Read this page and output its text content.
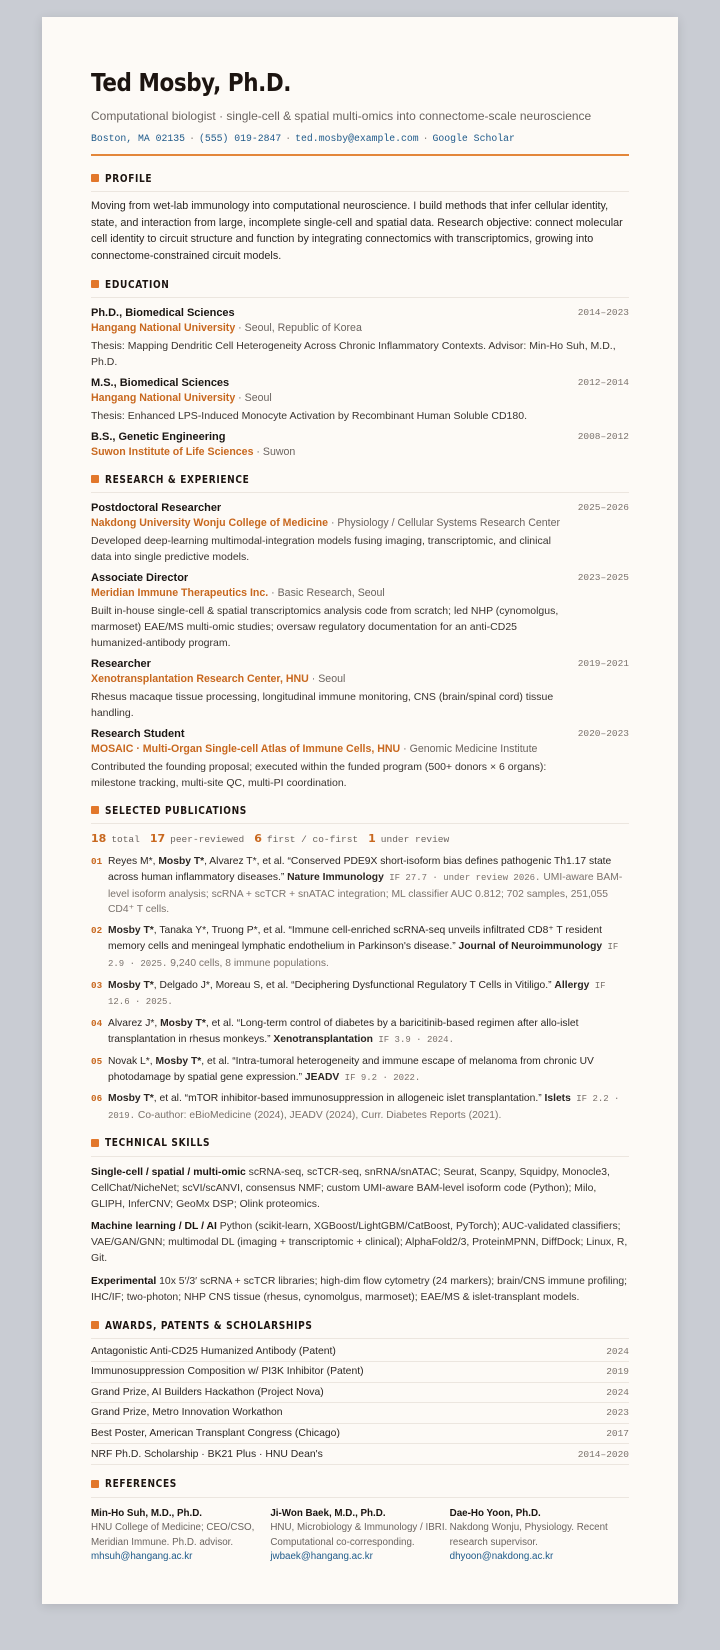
Ted Mosby, Ph.D.
Computational biologist · single-cell & spatial multi-omics into connectome-scale neuroscience
Boston, MA 02135 · (555) 019-2847 · ted.mosby@example.com · Google Scholar
PROFILE
Moving from wet-lab immunology into computational neuroscience. I build methods that infer cellular identity, state, and interaction from large, incomplete single-cell and spatial data. Research objective: connect molecular cell identity to circuit structure and function by integrating connectomics with transcriptomics, growing into connectome-constrained circuit models.
EDUCATION
Ph.D., Biomedical Sciences	2014–2023
Hangang National University · Seoul, Republic of Korea
Thesis: Mapping Dendritic Cell Heterogeneity Across Chronic Inflammatory Contexts. Advisor: Min-Ho Suh, M.D., Ph.D.
M.S., Biomedical Sciences	2012–2014
Hangang National University · Seoul
Thesis: Enhanced LPS-Induced Monocyte Activation by Recombinant Human Soluble CD180.
B.S., Genetic Engineering	2008–2012
Suwon Institute of Life Sciences · Suwon
RESEARCH & EXPERIENCE
Postdoctoral Researcher	2025–2026
Nakdong University Wonju College of Medicine · Physiology / Cellular Systems Research Center
Developed deep-learning multimodal-integration models fusing imaging, transcriptomic, and clinical data into single predictive models.
Associate Director	2023–2025
Meridian Immune Therapeutics Inc. · Basic Research, Seoul
Built in-house single-cell & spatial transcriptomics analysis code from scratch; led NHP (cynomolgus, marmoset) EAE/MS multi-omic studies; oversaw regulatory documentation for an anti-CD25 humanized-antibody program.
Researcher	2019–2021
Xenotransplantation Research Center, HNU · Seoul
Rhesus macaque tissue processing, longitudinal immune monitoring, CNS (brain/spinal cord) tissue handling.
Research Student	2020–2023
MOSAIC · Multi-Organ Single-cell Atlas of Immune Cells, HNU · Genomic Medicine Institute
Contributed the founding proposal; executed within the funded program (500+ donors × 6 organs): milestone tracking, multi-site QC, multi-PI coordination.
SELECTED PUBLICATIONS
18 total 17 peer-reviewed 6 first / co-first 1 under review
01 Reyes M*, Mosby T*, Alvarez T*, et al. “Conserved PDE9X short-isoform bias defines pathogenic Th1.17 state across human inflammatory diseases.” Nature Immunology IF 27.7 · under review 2026. UMI-aware BAM-level isoform analysis; scRNA + scTCR + snATAC integration; ML classifier AUC 0.812; 702 samples, 251,055 CD4⁺ T cells.
02 Mosby T*, Tanaka Y*, Truong P*, et al. “Immune cell-enriched scRNA-seq unveils infiltrated CD8⁺ T resident memory cells and meningeal lymphatic endothelium in Parkinson's disease.” Journal of Neuroimmunology IF 2.9 · 2025. 9,240 cells, 8 immune populations.
03 Mosby T*, Delgado J*, Moreau S, et al. “Deciphering Dysfunctional Regulatory T Cells in Vitiligo.” Allergy IF 12.6 · 2025.
04 Alvarez J*, Mosby T*, et al. “Long-term control of diabetes by a baricitinib-based regimen after allo-islet transplantation in rhesus monkeys.” Xenotransplantation IF 3.9 · 2024.
05 Novak L*, Mosby T*, et al. “Intra-tumoral heterogeneity and immune escape of melanoma from chronic UV photodamage by spatial gene expression.” JEADV IF 9.2 · 2022.
06 Mosby T*, et al. “mTOR inhibitor-based immunosuppression in allogeneic islet transplantation.” Islets IF 2.2 · 2019. Co-author: eBioMedicine (2024), JEADV (2024), Curr. Diabetes Reports (2021).
TECHNICAL SKILLS
Single-cell / spatial / multi-omic scRNA-seq, scTCR-seq, snRNA/snATAC; Seurat, Scanpy, Squidpy, Monocle3, CellChat/NicheNet; scVI/scANVI, consensus NMF; custom UMI-aware BAM-level isoform code (Python); Milo, GLIPH, InferCNV; GeoMx DSP; Olink proteomics.
Machine learning / DL / AI Python (scikit-learn, XGBoost/LightGBM/CatBoost, PyTorch); AUC-validated classifiers; VAE/GAN/GNN; multimodal DL (imaging + transcriptomic + clinical); AlphaFold2/3, ProteinMPNN, DiffDock; Linux, R, Git.
Experimental 10x 5′/3′ scRNA + scTCR libraries; high-dim flow cytometry (24 markers); brain/CNS immune profiling; IHC/IF; two-photon; NHP CNS tissue (rhesus, cynomolgus, marmoset); EAE/MS & islet-transplant models.
AWARDS, PATENTS & SCHOLARSHIPS
Antagonistic Anti-CD25 Humanized Antibody (Patent)	2024
Immunosuppression Composition w/ PI3K Inhibitor (Patent)	2019
Grand Prize, AI Builders Hackathon (Project Nova)	2024
Grand Prize, Metro Innovation Workathon	2023
Best Poster, American Transplant Congress (Chicago)	2017
NRF Ph.D. Scholarship · BK21 Plus · HNU Dean's	2014–2020
REFERENCES
Min-Ho Suh, M.D., Ph.D.
HNU College of Medicine; CEO/CSO, Meridian Immune. Ph.D. advisor.
mhsuh@hangang.ac.kr
Ji-Won Baek, M.D., Ph.D.
HNU, Microbiology & Immunology / IBRI. Computational co-corresponding.
jwbaek@hangang.ac.kr
Dae-Ho Yoon, Ph.D.
Nakdong Wonju, Physiology. Recent research supervisor.
dhyoon@nakdong.ac.kr
